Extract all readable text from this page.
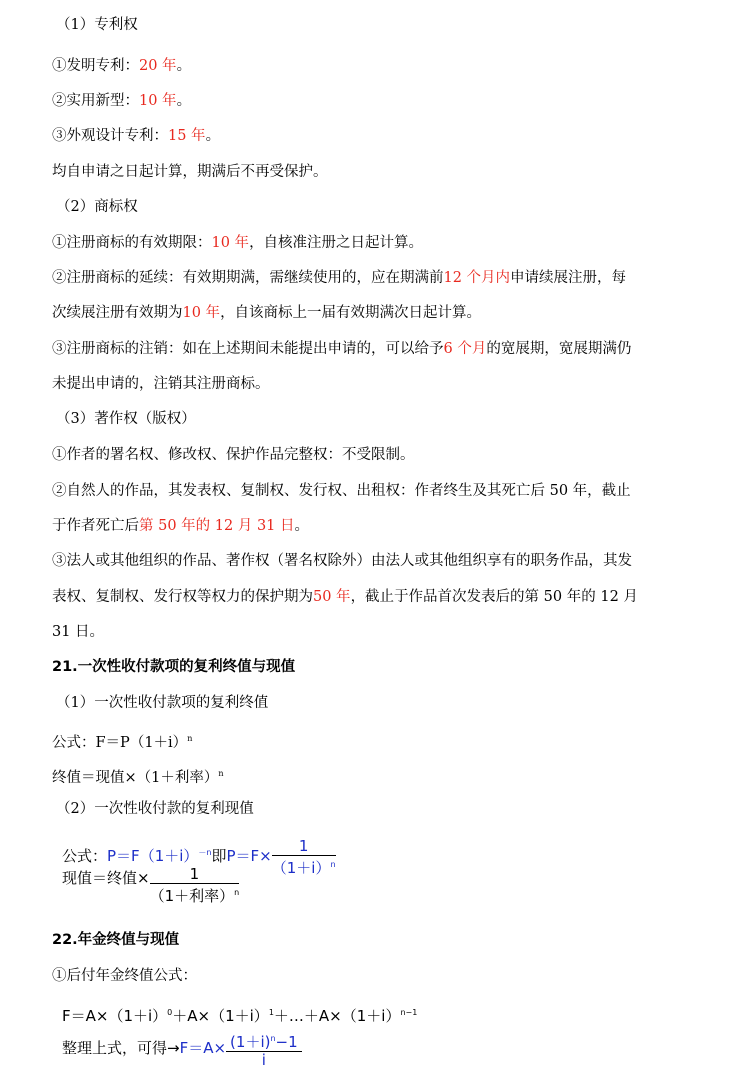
（1）专利权
①发明专利：20 年。
②实用新型：10 年。
③外观设计专利：15 年。
均自申请之日起计算，期满后不再受保护。
（2）商标权
①注册商标的有效期限：10 年，自核准注册之日起计算。
②注册商标的延续：有效期期满，需继续使用的，应在期满前12 个月内申请续展注册，每
次续展注册有效期为10 年，自该商标上一届有效期满次日起计算。
③注册商标的注销：如在上述期间未能提出申请的，可以给予6 个月的宽展期，宽展期满仍
未提出申请的，注销其注册商标。
（3）著作权（版权）
①作者的署名权、修改权、保护作品完整权：不受限制。
②自然人的作品，其发表权、复制权、发行权、出租权：作者终生及其死亡后 50 年，截止
于作者死亡后第 50 年的 12 月 31 日。
③法人或其他组织的作品、著作权（署名权除外）由法人或其他组织享有的职务作品，其发
表权、复制权、发行权等权力的保护期为50 年，截止于作品首次发表后的第 50 年的 12 月
31 日。
21.一次性收付款项的复利终值与现值
（1）一次性收付款项的复利终值
公式：$F=P(1+i)^n$
终值＝现值×（1＋利率）$^n$
（2）一次性收付款的复利现值
公式：$P=F(1+i)^{-n}$即$P=F\times \frac{1}{(1+i)^n}$
现值＝终值× $\frac{1}{(1+利率)^n}$
22.年金终值与现值
①后付年金终值公式：
$F=A\times(1+i)^0+A\times(1+i)^1+\dots+A\times(1+i)^{n-1}$
整理上式，可得$\to F=A\times \frac{(1+i)^n-1}{i}$
